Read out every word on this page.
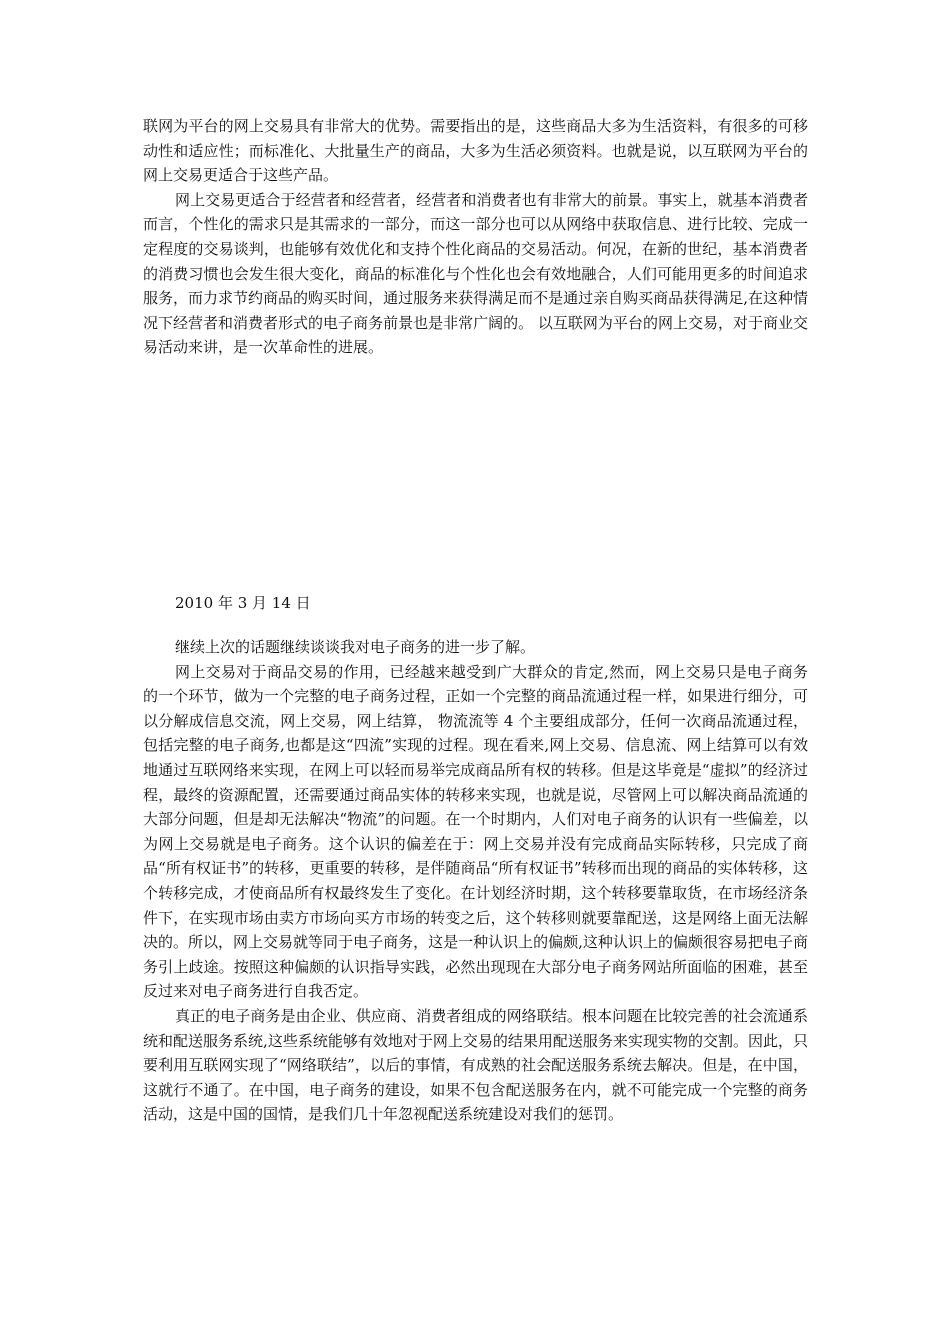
联网为平台的网上交易具有非常大的优势。需要指出的是，这些商品大多为生活资料，有很多的可移动性和适应性；而标准化、大批量生产的商品，大多为生活必须资料。也就是说，以互联网为平台的网上交易更适合于这些产品。

网上交易更适合于经营者和经营者，经营者和消费者也有非常大的前景。事实上，就基本消费者而言，个性化的需求只是其需求的一部分，而这一部分也可以从网络中获取信息、进行比较、完成一定程度的交易谈判，也能够有效优化和支持个性化商品的交易活动。何况，在新的世纪，基本消费者的消费习惯也会发生很大变化，商品的标准化与个性化也会有效地融合，人们可能用更多的时间追求服务，而力求节约商品的购买时间，通过服务来获得满足而不是通过亲自购买商品获得满足,在这种情况下经营者和消费者形式的电子商务前景也是非常广阔的。 以互联网为平台的网上交易，对于商业交易活动来讲，是一次革命性的进展。

2010 年 3 月 14 日

继续上次的话题继续谈谈我对电子商务的进一步了解。

网上交易对于商品交易的作用，已经越来越受到广大群众的肯定,然而，网上交易只是电子商务的一个环节，做为一个完整的电子商务过程，正如一个完整的商品流通过程一样，如果进行细分，可以分解成信息交流，网上交易，网上结算， 物流流等 4 个主要组成部分，任何一次商品流通过程，包括完整的电子商务,也都是这“四流”实现的过程。现在看来,网上交易、信息流、网上结算可以有效地通过互联网络来实现，在网上可以轻而易举完成商品所有权的转移。但是这毕竟是“虚拟”的经济过程，最终的资源配置，还需要通过商品实体的转移来实现，也就是说，尽管网上可以解决商品流通的大部分问题，但是却无法解决“物流”的问题。在一个时期内，人们对电子商务的认识有一些偏差，以为网上交易就是电子商务。这个认识的偏差在于：网上交易并没有完成商品实际转移，只完成了商品“所有权证书”的转移，更重要的转移，是伴随商品“所有权证书”转移而出现的商品的实体转移，这个转移完成，才使商品所有权最终发生了变化。在计划经济时期，这个转移要靠取货，在市场经济条件下，在实现市场由卖方市场向买方市场的转变之后，这个转移则就要靠配送，这是网络上面无法解决的。所以，网上交易就等同于电子商务，这是一种认识上的偏颇,这种认识上的偏颇很容易把电子商务引上歧途。按照这种偏颇的认识指导实践，必然出现现在大部分电子商务网站所面临的困难，甚至反过来对电子商务进行自我否定。

真正的电子商务是由企业、供应商、消费者组成的网络联结。根本问题在比较完善的社会流通系统和配送服务系统,这些系统能够有效地对于网上交易的结果用配送服务来实现实物的交割。因此，只要利用互联网实现了“网络联结”，以后的事情，有成熟的社会配送服务系统去解决。但是，在中国，这就行不通了。在中国，电子商务的建设，如果不包含配送服务在内，就不可能完成一个完整的商务活动，这是中国的国情，是我们几十年忽视配送系统建设对我们的惩罚。
